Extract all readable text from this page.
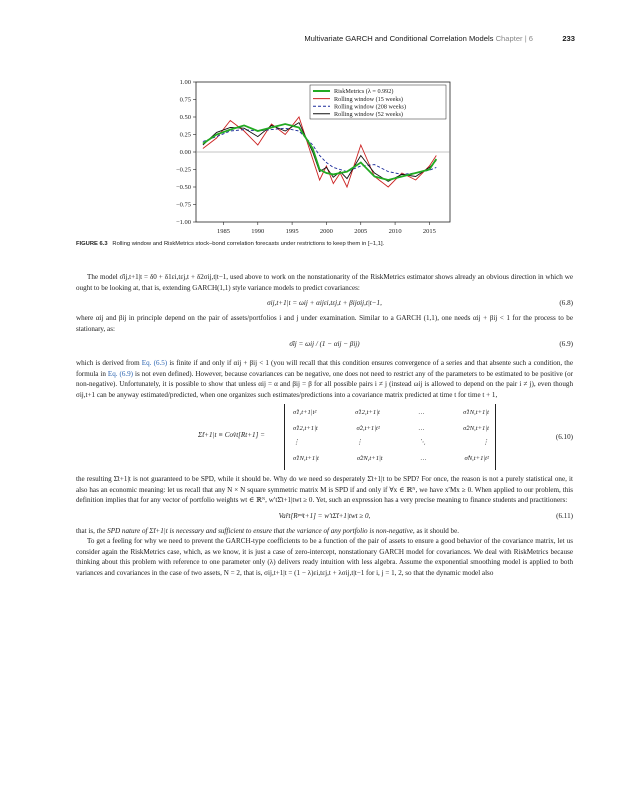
Multivariate GARCH and Conditional Correlation Models Chapter | 6	233
1.00
0.75
0.50
0.25
0.00
−0.25
−0.50
−0.75
−1.00
1985	1990	1995	2000	2005	2010	2015
RiskMetrics (λ = 0.992)
Rolling window (15 weeks)
Rolling window (208 weeks)
Rolling window (52 weeks)
FIGURE 6.3 Rolling window and RiskMetrics stock–bond correlation forecasts under restrictions to keep them in [−1,1].

The model σ̂ij,t+1|t = δ0 + δ1εi,tεj,t + δ2σij,t|t−1, used above to work on the nonstationarity of the RiskMetrics estimator shows already an obvious direction in which we ought to be looking at, that is, extending GARCH(1,1) style variance models to predict covariances:

σij,t+1|t = ωij + αijεi,tεj,t + βijσij,t|t−1,	(6.8)

where αij and βij in principle depend on the pair of assets/portfolios i and j under examination. Similar to a GARCH (1,1), one needs αij + βij < 1 for the process to be stationary, as:

σ̄ij = ωij / (1 − αij − βij)	(6.9)

which is derived from Eq. (6.5) is finite if and only if αij + βij < 1 (you will recall that this condition ensures convergence of a series and that absente such a condition, the formula in Eq. (6.9) is not even defined). However, because covariances can be negative, one does not need to restrict any of the parameters to be estimated to be positive (or non-negative). Unfortunately, it is possible to show that unless αij = α and βij = β for all possible pairs i ≠ j (instead ωij is allowed to depend on the pair i ≠ j), even though σij,t+1 can be anyway estimated/predicted, when one organizes such estimates/predictions into a covariance matrix predicted at time t for time t + 1,

Σ̂t+1|t ≡ Cov̂t[Rt+1] =
σ̂1,t+1|t²	σ̂12,t+1|t	…	σ̂1N,t+1|t
σ̂12,t+1|t	σ̂2,t+1|t²	…	σ̂2N,t+1|t
⋮	⋮	⋱	⋮
σ̂1N,t+1|t	σ̂2N,t+1|t	…	σ̂N,t+1|t²
(6.10)

the resulting Σ̂t+1|t is not guaranteed to be SPD, while it should be. Why do we need so desperately Σ̂t+1|t to be SPD? For once, the reason is not a purely statistical one, it also has an economic meaning: let us recall that any N × N square symmetric matrix M is SPD if and only if ∀x ∈ ℝᴺ, we have x′Mx ≥ 0. When applied to our problem, this definition implies that for any vector of portfolio weights wt ∈ ℝᴺ, w′tΣ̂t+1|twt ≥ 0. Yet, such an expression has a very precise meaning to finance students and practitioners:

Var̂t[Rᵖᵒᶠt+1] = w′tΣ̂t+1|twt ≥ 0,	(6.11)

that is, the SPD nature of Σ̂t+1|t is necessary and sufficient to ensure that the variance of any portfolio is non-negative, as it should be.

To get a feeling for why we need to prevent the GARCH-type coefficients to be a function of the pair of assets to ensure a good behavior of the covariance matrix, let us consider again the RiskMetrics case, which, as we know, it is just a case of zero-intercept, nonstationary GARCH model for covariances. We deal with RiskMetrics because thinking about this problem with reference to one parameter only (λ) delivers ready intuition with less algebra. Assume the exponential smoothing model is applied to both variances and covariances in the case of two assets, N = 2, that is, σij,t+1|t = (1 − λ)εi,tεj,t + λσij,t|t−1 for i, j = 1, 2, so that the dynamic model also
